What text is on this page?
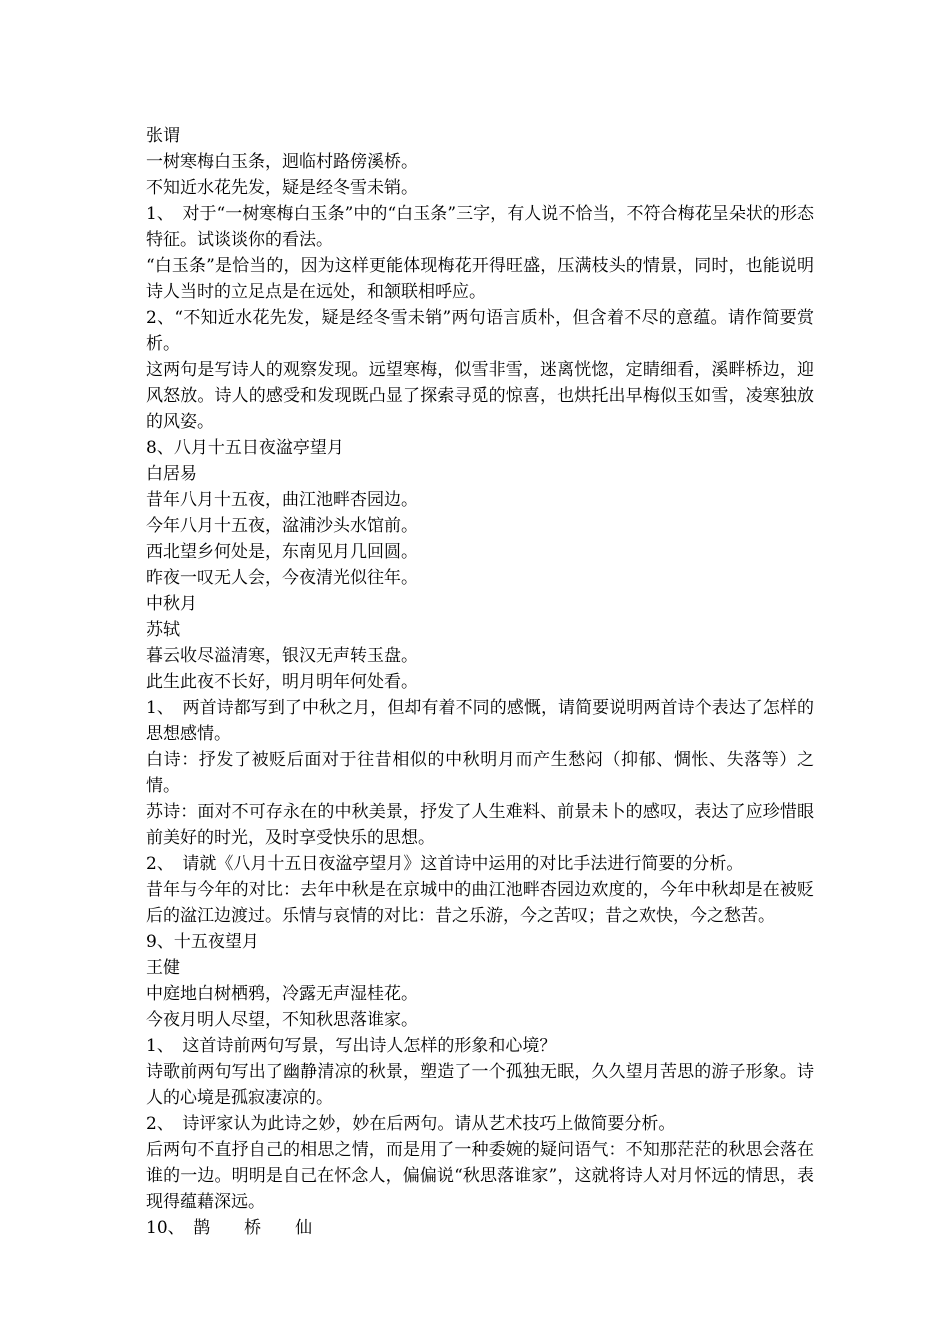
张谓
一树寒梅白玉条，迥临村路傍溪桥。
不知近水花先发，疑是经冬雪未销。
1、　对于“一树寒梅白玉条”中的“白玉条”三字，有人说不恰当，不符合梅花呈朵状的形态特征。试谈谈你的看法。
“白玉条”是恰当的，因为这样更能体现梅花开得旺盛，压满枝头的情景，同时，也能说明诗人当时的立足点是在远处，和颔联相呼应。
2、“不知近水花先发，疑是经冬雪未销”两句语言质朴，但含着不尽的意蕴。请作简要赏析。
这两句是写诗人的观察发现。远望寒梅，似雪非雪，迷离恍惚，定睛细看，溪畔桥边，迎风怒放。诗人的感受和发现既凸显了探索寻觅的惊喜，也烘托出早梅似玉如雪，凌寒独放的风姿。
8、八月十五日夜湓亭望月
白居易
昔年八月十五夜，曲江池畔杏园边。
今年八月十五夜，湓浦沙头水馆前。
西北望乡何处是，东南见月几回圆。
昨夜一叹无人会，今夜清光似往年。
中秋月
苏轼
暮云收尽溢清寒，银汉无声转玉盘。
此生此夜不长好，明月明年何处看。
1、　两首诗都写到了中秋之月，但却有着不同的感慨，请简要说明两首诗个表达了怎样的思想感情。
白诗：抒发了被贬后面对于往昔相似的中秋明月而产生愁闷（抑郁、惆怅、失落等）之情。
苏诗：面对不可存永在的中秋美景，抒发了人生难料、前景未卜的感叹，表达了应珍惜眼前美好的时光，及时享受快乐的思想。
2、　请就《八月十五日夜湓亭望月》这首诗中运用的对比手法进行简要的分析。
昔年与今年的对比：去年中秋是在京城中的曲江池畔杏园边欢度的，今年中秋却是在被贬后的湓江边渡过。乐情与哀情的对比：昔之乐游，今之苦叹；昔之欢快，今之愁苦。
9、十五夜望月
王健
中庭地白树栖鸦，冷露无声湿桂花。
今夜月明人尽望，不知秋思落谁家。
1、　这首诗前两句写景，写出诗人怎样的形象和心境？
诗歌前两句写出了幽静清凉的秋景，塑造了一个孤独无眠，久久望月苦思的游子形象。诗人的心境是孤寂凄凉的。
2、　诗评家认为此诗之妙，妙在后两句。请从艺术技巧上做简要分析。
后两句不直抒自己的相思之情，而是用了一种委婉的疑问语气：不知那茫茫的秋思会落在谁的一边。明明是自己在怀念人，偏偏说“秋思落谁家”，这就将诗人对月怀远的情思，表现得蕴藉深远。
10、　鹊　　桥　　仙
